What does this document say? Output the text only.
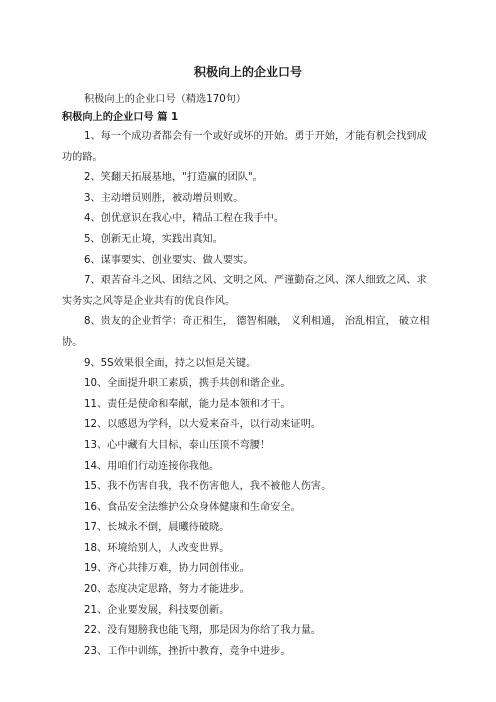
积极向上的企业口号
积极向上的企业口号（精选170句）
积极向上的企业口号 篇 1
1、每一个成功者都会有一个或好或坏的开始。勇于开始，才能有机会找到成功的路。
2、笑翻天拓展基地，"打造赢的团队"。
3、主动增员则胜，被动增员则败。
4、创优意识在我心中，精品工程在我手中。
5、创新无止境，实践出真知。
6、谋事要实、创业要实、做人要实。
7、艰苦奋斗之风、团结之风、文明之风、严谨勤奋之风、深人细致之风、求实务实之风等是企业共有的优良作风。
8、贵友的企业哲学：奇正相生， 德智相融， 义利相通， 治乱相宜， 破立相协。
9、5S效果很全面，持之以恒是关键。
10、全面提升职工素质，携手共创和谐企业。
11、责任是使命和奉献，能力是本领和才干。
12、以感恩为学科，以大爱来奋斗，以行动来证明。
13、心中藏有大目标，泰山压顶不弯腰！
14、用咱们行动连接你我他。
15、我不伤害自我，我不伤害他人，我不被他人伤害。
16、食品安全法维护公众身体健康和生命安全。
17、长城永不倒，晨曦待破晓。
18、环境给别人，人改变世界。
19、齐心共排万难，协力同创伟业。
20、态度决定思路，努力才能进步。
21、企业要发展，科技要创新。
22、没有翅膀我也能飞翔，那是因为你给了我力量。
23、工作中训练，挫折中教育，竞争中进步。
